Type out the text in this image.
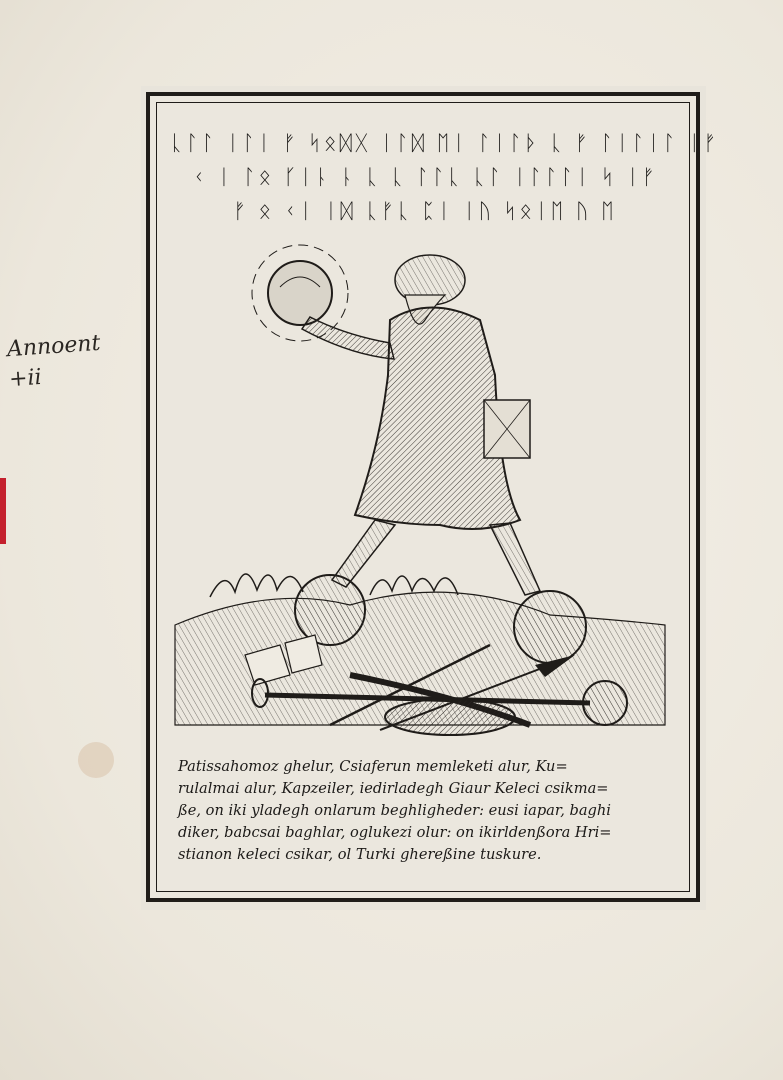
Annoent
+ii
ᚳᛚᛚ ᛁᛚᛁ ᚠ ᛋᛟᛞᚷ ᛁᛚᛞ ᛖᛁ ᛚᛁᛚᚦ ᚳ ᚠ ᛚᛁᛚᛁᛚ ᛁᚠ
ᚲ ᛁ ᛚᛟ ᚴᛁᚿ ᚿ ᚳ ᚳ ᛚᛚᚳ ᚳᛚ ᛁᛚᛚᛚᛁ ᛋ ᛁᚠ
ᚠ ᛟ ᚲᛁ ᛁᛞ ᚳᚠᚳ ᛈᛁ ᛁᚢ ᛋᛟᛁᛖ ᚢ ᛖ
Patissahomoz ghelur, Csiaferun memleketi alur, Ku=
rulalmai alur, Kapzeiler, iedirladegh Giaur Keleci csikma=
ße, on iki yladegh onlarum beghligheder: eusi iapar, baghi
diker, babcsai baghlar, oglukezi olur: on ikirldenßora Hri=
stianon keleci csikar, ol Turki ghereßine tuskure.
